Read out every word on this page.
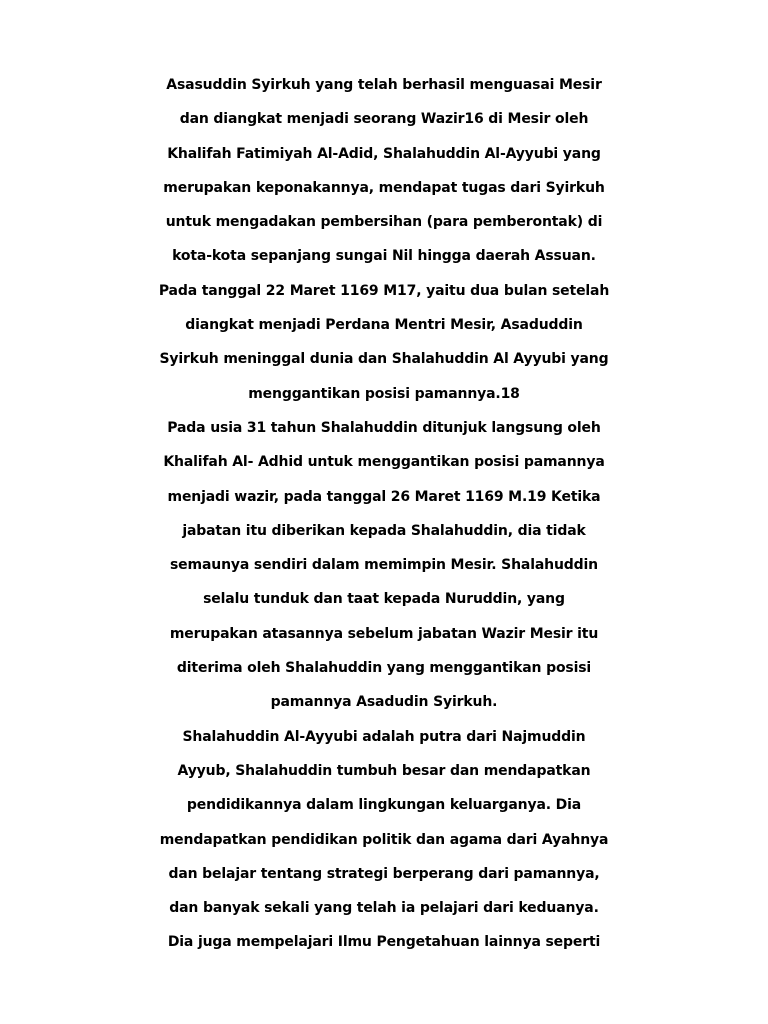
Asasuddin Syirkuh yang telah berhasil menguasai Mesir
dan diangkat menjadi seorang Wazir16 di Mesir oleh
Khalifah Fatimiyah Al-Adid, Shalahuddin Al-Ayyubi yang
merupakan keponakannya, mendapat tugas dari Syirkuh
untuk mengadakan pembersihan (para pemberontak) di
kota-kota sepanjang sungai Nil hingga daerah Assuan.
Pada tanggal 22 Maret 1169 M17, yaitu dua bulan setelah
diangkat menjadi Perdana Mentri Mesir, Asaduddin
Syirkuh meninggal dunia dan Shalahuddin Al Ayyubi yang
menggantikan posisi pamannya.18
Pada usia 31 tahun Shalahuddin ditunjuk langsung oleh
Khalifah Al- Adhid untuk menggantikan posisi pamannya
menjadi wazir, pada tanggal 26 Maret 1169 M.19 Ketika
jabatan itu diberikan kepada Shalahuddin, dia tidak
semaunya sendiri dalam memimpin Mesir. Shalahuddin
selalu tunduk dan taat kepada Nuruddin, yang
merupakan atasannya sebelum jabatan Wazir Mesir itu
diterima oleh Shalahuddin yang menggantikan posisi
pamannya Asadudin Syirkuh.
Shalahuddin Al-Ayyubi adalah putra dari Najmuddin
Ayyub, Shalahuddin tumbuh besar dan mendapatkan
pendidikannya dalam lingkungan keluarganya. Dia
mendapatkan pendidikan politik dan agama dari Ayahnya
dan belajar tentang strategi berperang dari pamannya,
dan banyak sekali yang telah ia pelajari dari keduanya.
Dia juga mempelajari Ilmu Pengetahuan lainnya seperti
